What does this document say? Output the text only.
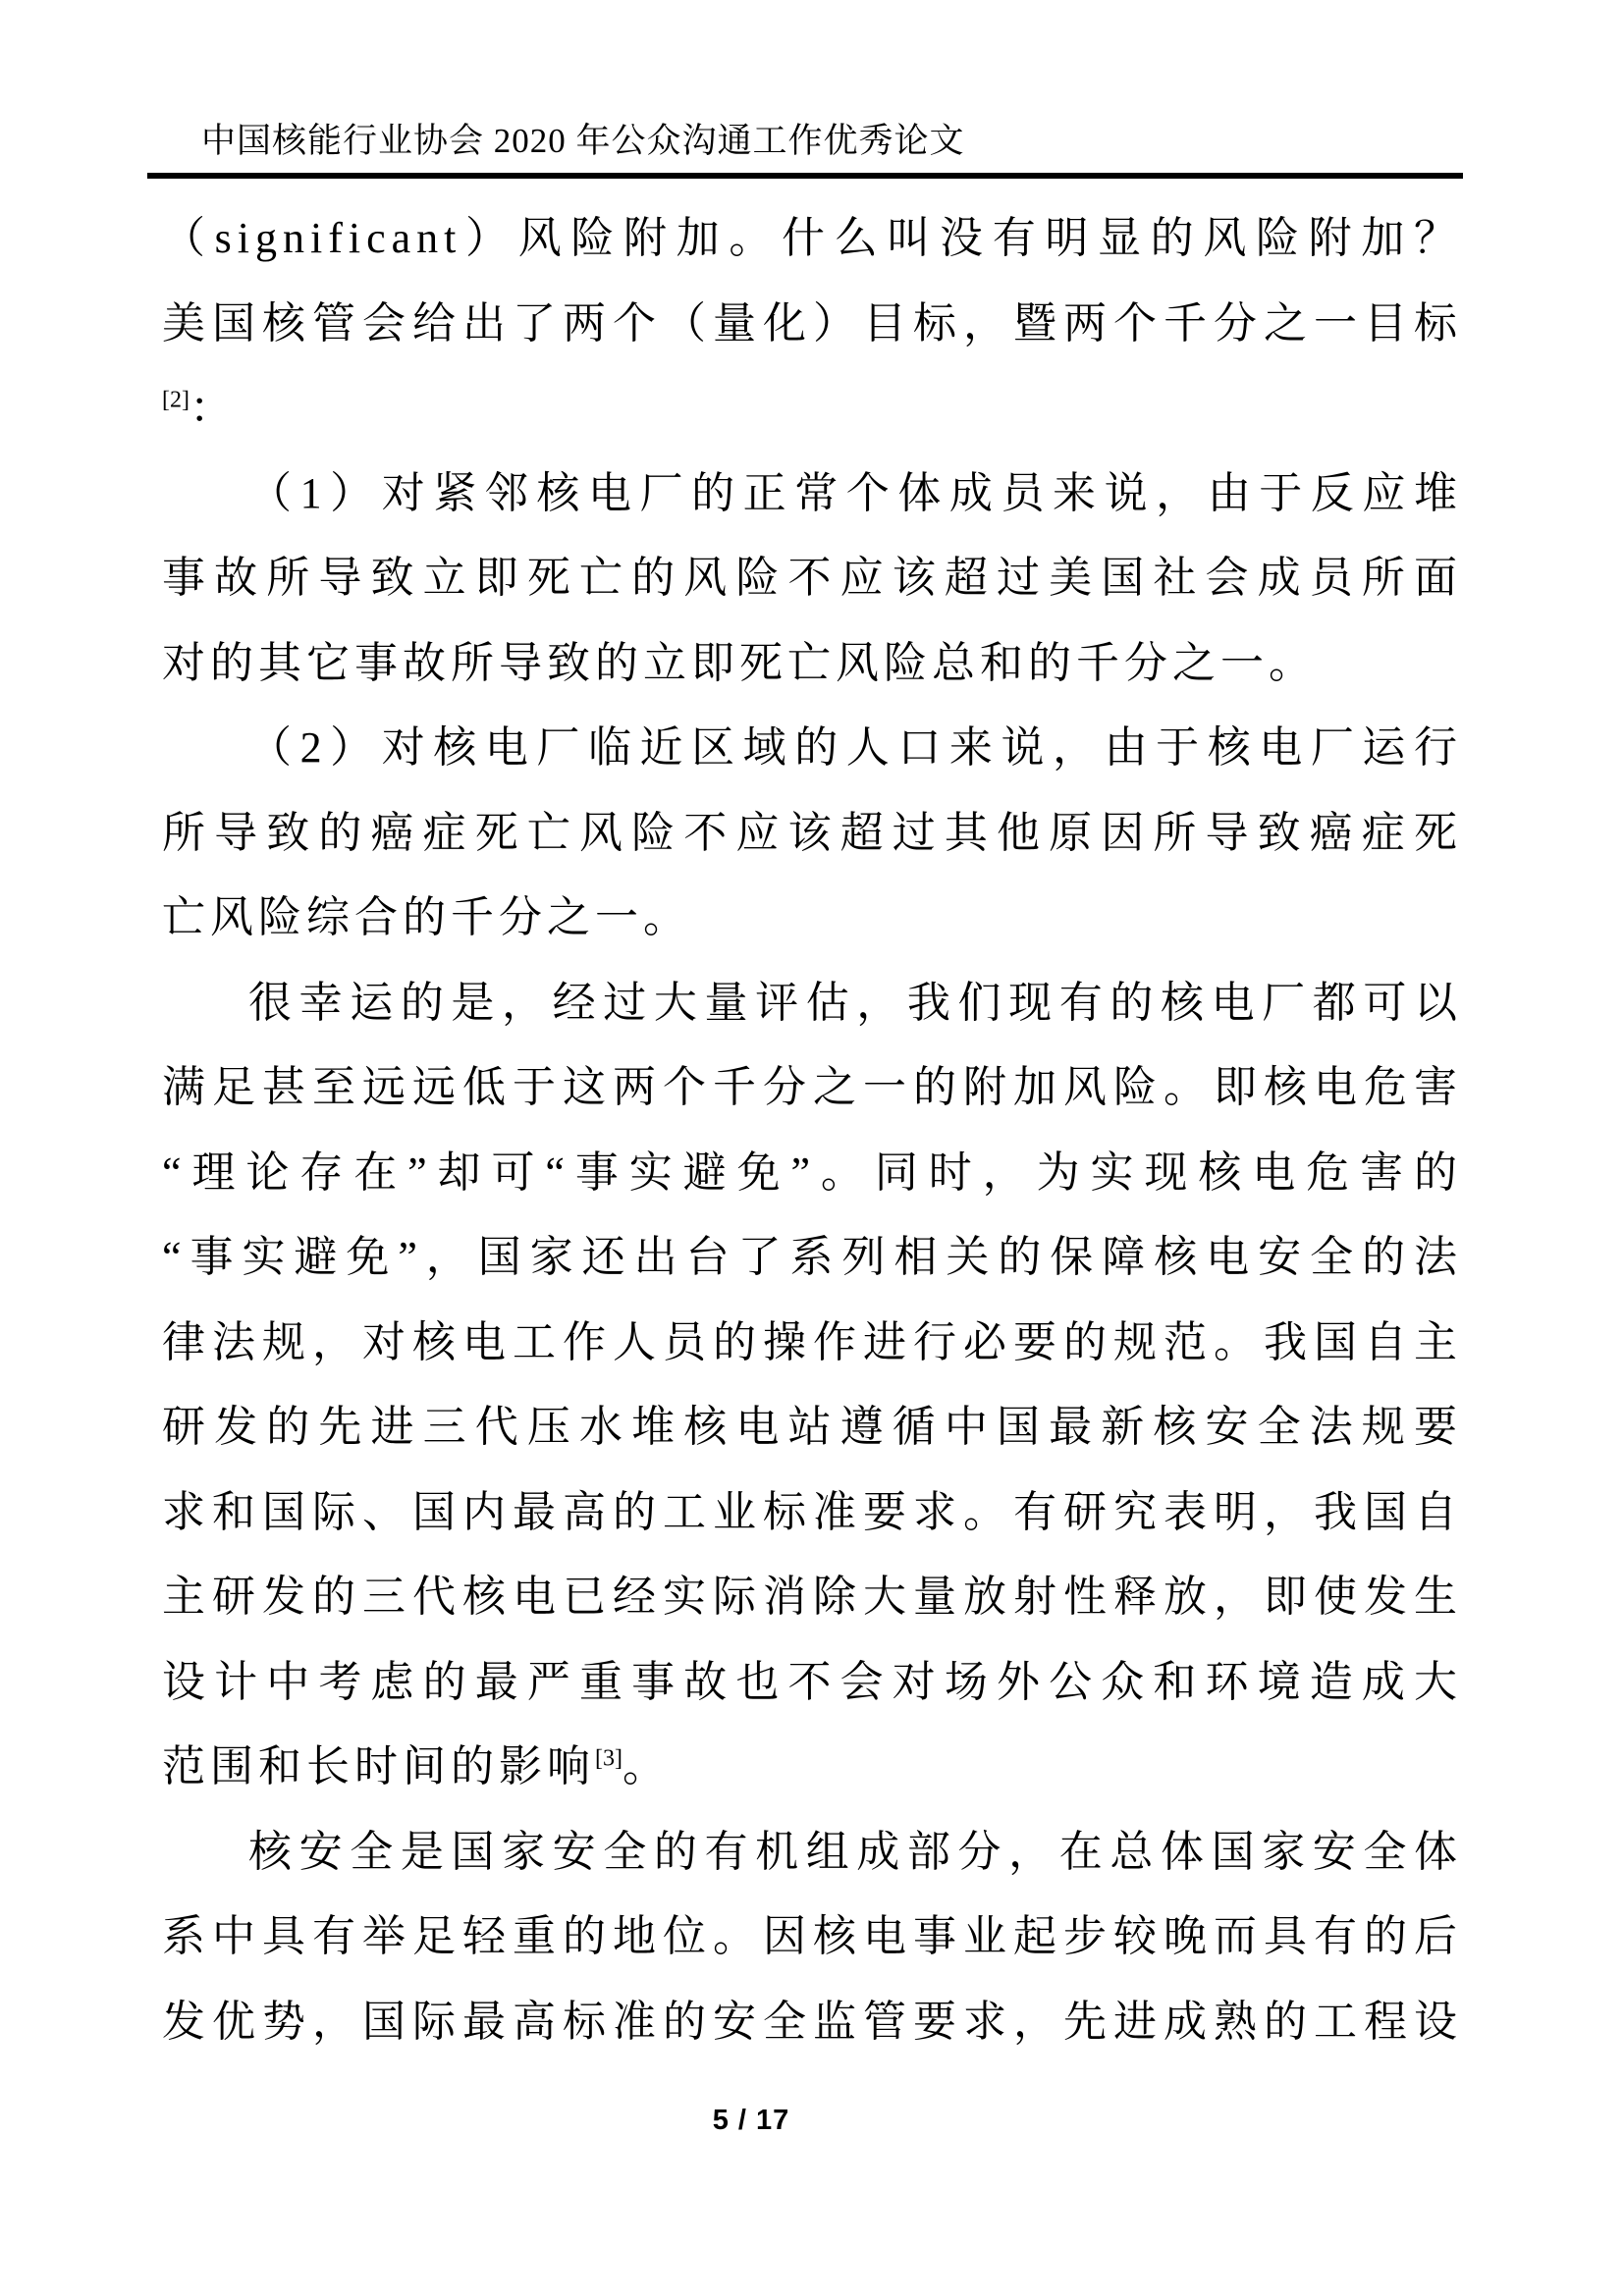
中国核能行业协会 2020 年公众沟通工作优秀论文
（significant）风险附加。什么叫没有明显的风险附加？
美国核管会给出了两个（量化）目标，暨两个千分之一目标
[2]：
（1）对紧邻核电厂的正常个体成员来说，由于反应堆
事故所导致立即死亡的风险不应该超过美国社会成员所面
对的其它事故所导致的立即死亡风险总和的千分之一。
（2）对核电厂临近区域的人口来说，由于核电厂运行
所导致的癌症死亡风险不应该超过其他原因所导致癌症死
亡风险综合的千分之一。
很幸运的是，经过大量评估，我们现有的核电厂都可以
满足甚至远远低于这两个千分之一的附加风险。即核电危害
“理论存在”却可“事实避免”。同时，为实现核电危害的
“事实避免”，国家还出台了系列相关的保障核电安全的法
律法规，对核电工作人员的操作进行必要的规范。我国自主
研发的先进三代压水堆核电站遵循中国最新核安全法规要
求和国际、国内最高的工业标准要求。有研究表明，我国自
主研发的三代核电已经实际消除大量放射性释放，即使发生
设计中考虑的最严重事故也不会对场外公众和环境造成大
范围和长时间的影响[3]。
核安全是国家安全的有机组成部分，在总体国家安全体
系中具有举足轻重的地位。因核电事业起步较晚而具有的后
发优势，国际最高标准的安全监管要求，先进成熟的工程设
5 / 17
